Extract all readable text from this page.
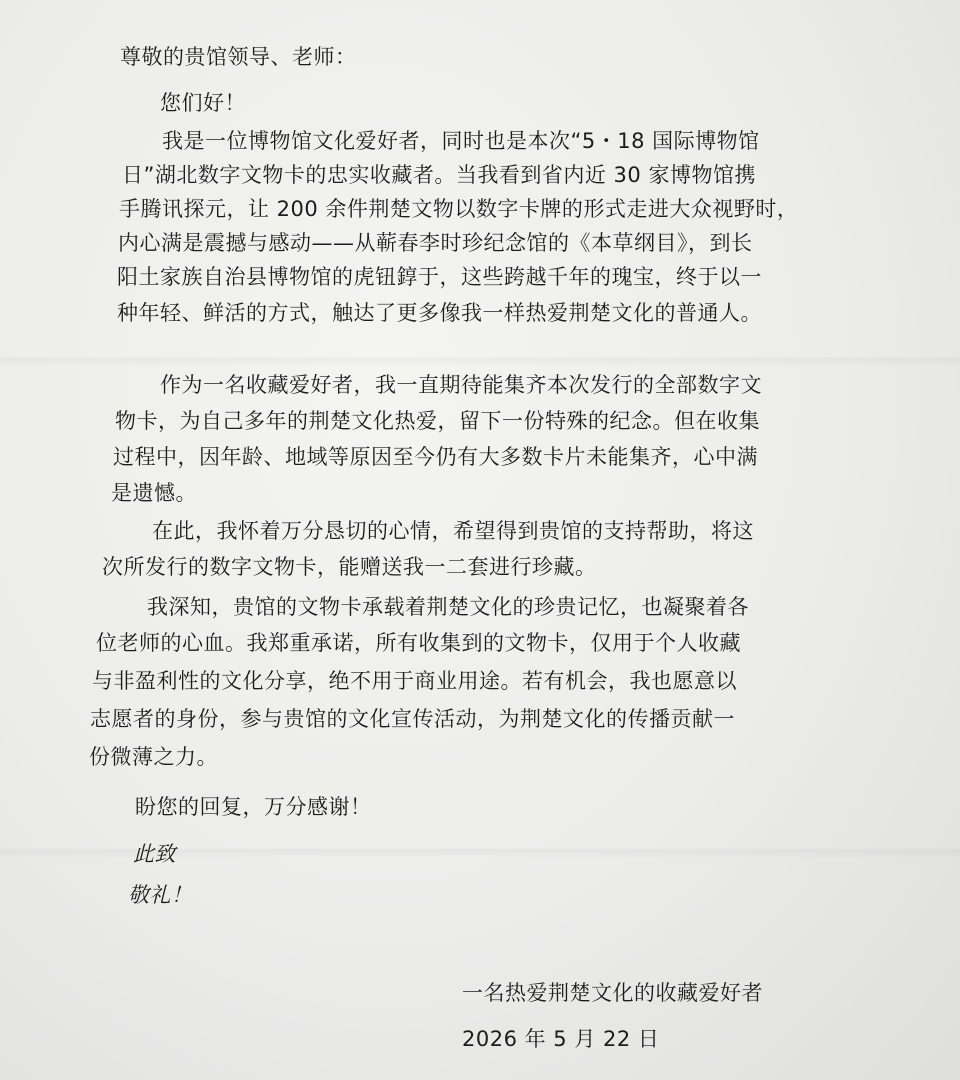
尊敬的贵馆领导、老师：
您们好！
我是一位博物馆文化爱好者，同时也是本次“5・18 国际博物馆
日”湖北数字文物卡的忠实收藏者。当我看到省内近 30 家博物馆携
手腾讯探元，让 200 余件荆楚文物以数字卡牌的形式走进大众视野时，
内心满是震撼与感动——从蕲春李时珍纪念馆的《本草纲目》，到长
阳土家族自治县博物馆的虎钮錞于，这些跨越千年的瑰宝，终于以一
种年轻、鲜活的方式，触达了更多像我一样热爱荆楚文化的普通人。
作为一名收藏爱好者，我一直期待能集齐本次发行的全部数字文
物卡，为自己多年的荆楚文化热爱，留下一份特殊的纪念。但在收集
过程中，因年龄、地域等原因至今仍有大多数卡片未能集齐，心中满
是遗憾。
在此，我怀着万分恳切的心情，希望得到贵馆的支持帮助，将这
次所发行的数字文物卡，能赠送我一二套进行珍藏。
我深知，贵馆的文物卡承载着荆楚文化的珍贵记忆，也凝聚着各
位老师的心血。我郑重承诺，所有收集到的文物卡，仅用于个人收藏
与非盈利性的文化分享，绝不用于商业用途。若有机会，我也愿意以
志愿者的身份，参与贵馆的文化宣传活动，为荆楚文化的传播贡献一
份微薄之力。
盼您的回复，万分感谢！
此致
敬礼！
一名热爱荆楚文化的收藏爱好者
2026 年 5 月 22 日
